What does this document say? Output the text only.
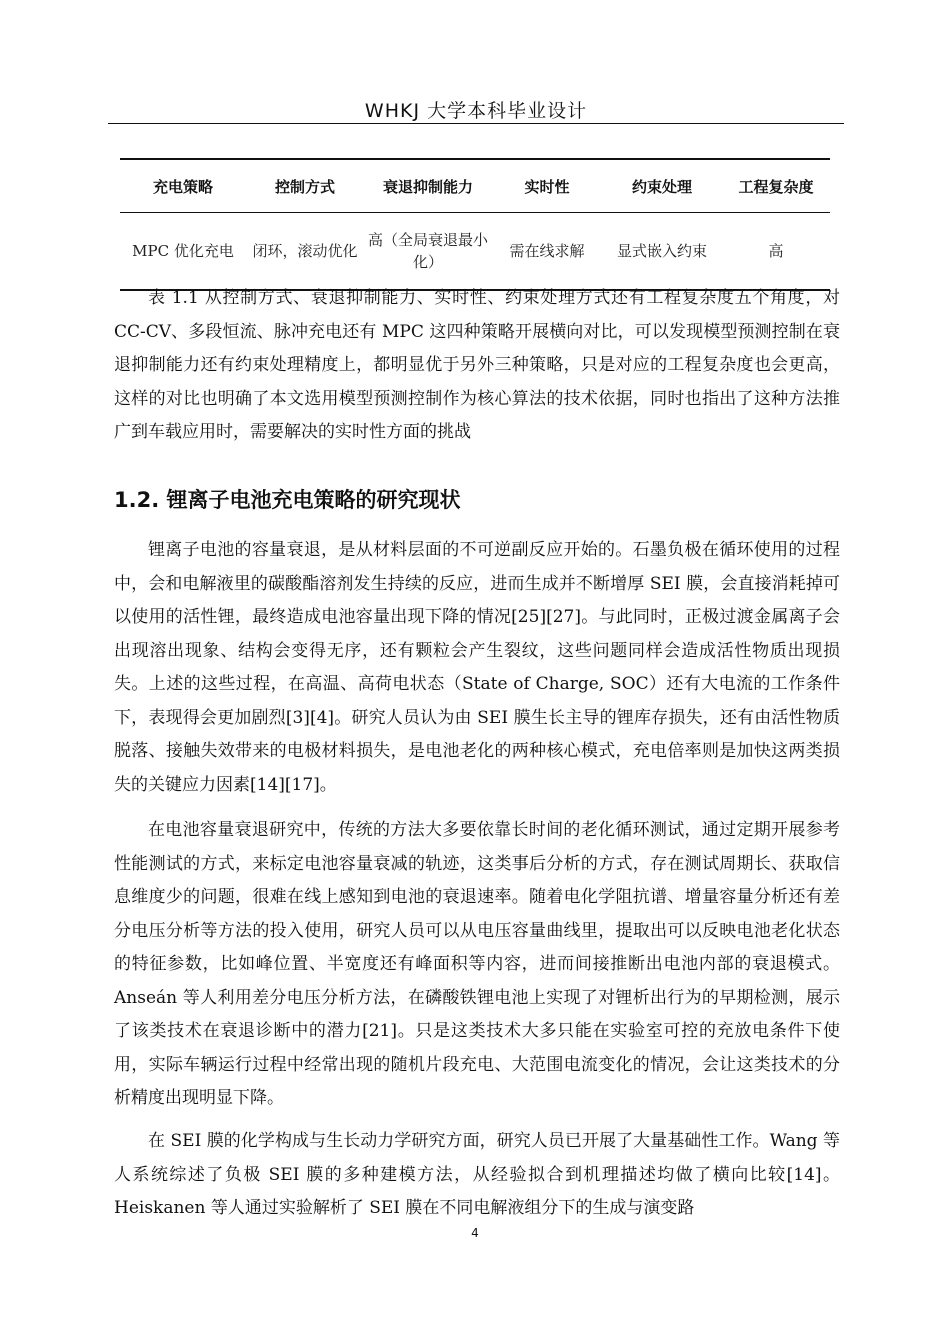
WHKJ 大学本科毕业设计
充电策略	控制方式	衰退抑制能力	实时性	约束处理	工程复杂度
MPC 优化充电	闭环，滚动优化	高（全局衰退最小化）	需在线求解	显式嵌入约束	高

表 1.1 从控制方式、衰退抑制能力、实时性、约束处理方式还有工程复杂度五个角度，对 CC-CV、多段恒流、脉冲充电还有 MPC 这四种策略开展横向对比，可以发现模型预测控制在衰退抑制能力还有约束处理精度上，都明显优于另外三种策略，只是对应的工程复杂度也会更高，这样的对比也明确了本文选用模型预测控制作为核心算法的技术依据，同时也指出了这种方法推广到车载应用时，需要解决的实时性方面的挑战

1.2. 锂离子电池充电策略的研究现状

锂离子电池的容量衰退，是从材料层面的不可逆副反应开始的。石墨负极在循环使用的过程中，会和电解液里的碳酸酯溶剂发生持续的反应，进而生成并不断增厚 SEI 膜，会直接消耗掉可以使用的活性锂，最终造成电池容量出现下降的情况[25][27]。与此同时，正极过渡金属离子会出现溶出现象、结构会变得无序，还有颗粒会产生裂纹，这些问题同样会造成活性物质出现损失。上述的这些过程，在高温、高荷电状态（State of Charge, SOC）还有大电流的工作条件下，表现得会更加剧烈[3][4]。研究人员认为由 SEI 膜生长主导的锂库存损失，还有由活性物质脱落、接触失效带来的电极材料损失，是电池老化的两种核心模式，充电倍率则是加快这两类损失的关键应力因素[14][17]。

在电池容量衰退研究中，传统的方法大多要依靠长时间的老化循环测试，通过定期开展参考性能测试的方式，来标定电池容量衰减的轨迹，这类事后分析的方式，存在测试周期长、获取信息维度少的问题，很难在线上感知到电池的衰退速率。随着电化学阻抗谱、增量容量分析还有差分电压分析等方法的投入使用，研究人员可以从电压容量曲线里，提取出可以反映电池老化状态的特征参数，比如峰位置、半宽度还有峰面积等内容，进而间接推断出电池内部的衰退模式。Anseán 等人利用差分电压分析方法，在磷酸铁锂电池上实现了对锂析出行为的早期检测，展示了该类技术在衰退诊断中的潜力[21]。只是这类技术大多只能在实验室可控的充放电条件下使用，实际车辆运行过程中经常出现的随机片段充电、大范围电流变化的情况，会让这类技术的分析精度出现明显下降。

在 SEI 膜的化学构成与生长动力学研究方面，研究人员已开展了大量基础性工作。Wang 等人系统综述了负极 SEI 膜的多种建模方法，从经验拟合到机理描述均做了横向比较[14]。Heiskanen 等人通过实验解析了 SEI 膜在不同电解液组分下的生成与演变路

4
